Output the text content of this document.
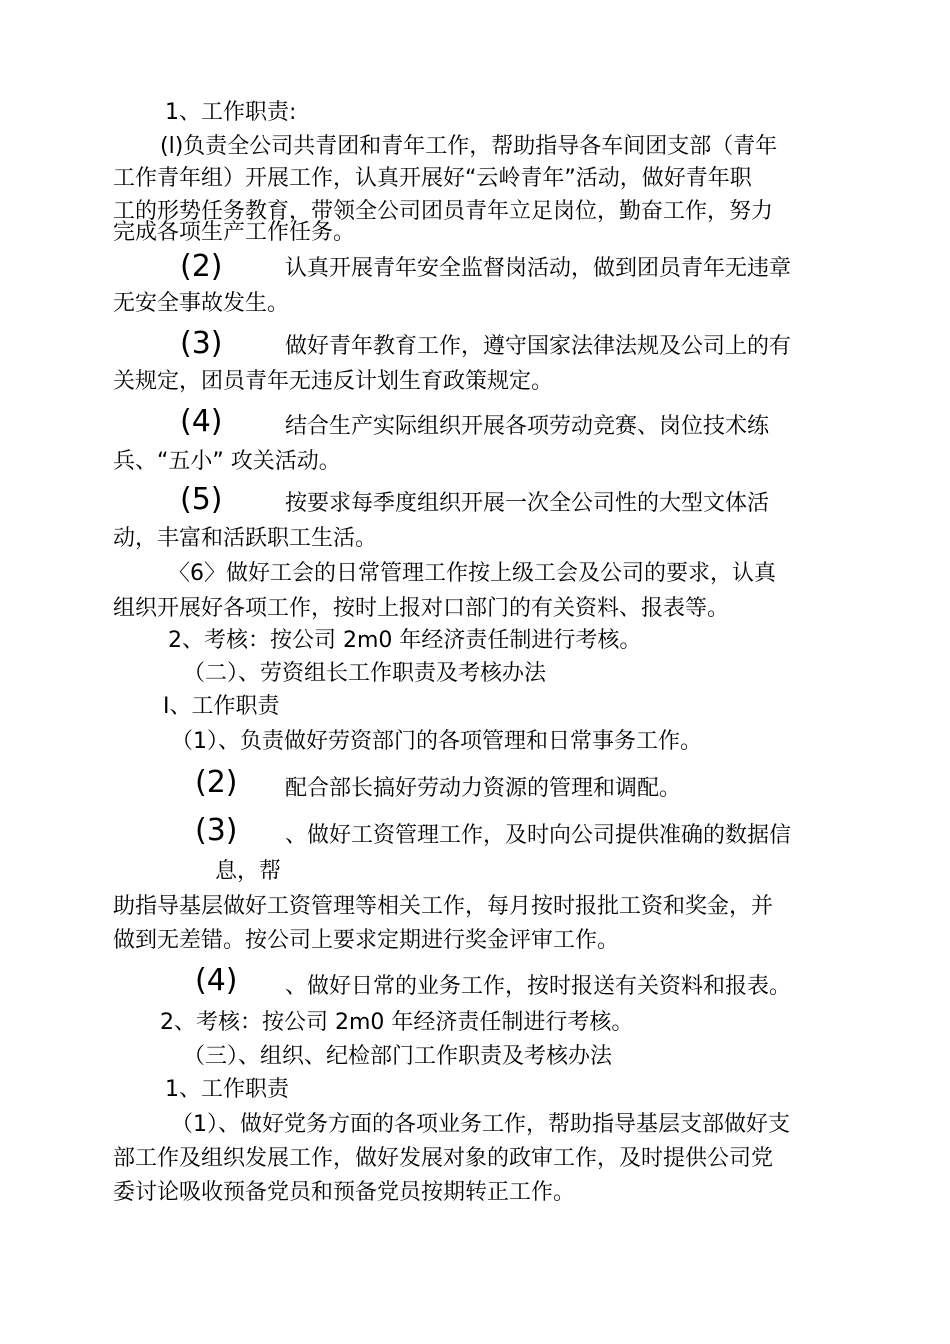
1、工作职责:
(l)负责全公司共青团和青年工作，帮助指导各车间团支部（青年
工作青年组）开展工作，认真开展好“云岭青年”活动，做好青年职
工的形势任务教育，带领全公司团员青年立足岗位，勤奋工作，努力
完成各项生产工作任务。
(2)	认真开展青年安全监督岗活动，做到团员青年无违章
无安全事故发生。
(3)	做好青年教育工作，遵守国家法律法规及公司上的有
关规定，团员青年无违反计划生育政策规定。
(4)	结合生产实际组织开展各项劳动竞赛、岗位技术练
兵、“五小” 攻关活动。
(5)	按要求每季度组织开展一次全公司性的大型文体活
动，丰富和活跃职工生活。
〈6〉做好工会的日常管理工作按上级工会及公司的要求，认真
组织开展好各项工作，按时上报对口部门的有关资料、报表等。
2、考核：按公司 2m0 年经济责任制进行考核。
（二）、劳资组长工作职责及考核办法
I、工作职责
（1）、负责做好劳资部门的各项管理和日常事务工作。
(2) 配合部长搞好劳动力资源的管理和调配。
(3) 、做好工资管理工作，及时向公司提供准确的数据信
息，帮
助指导基层做好工资管理等相关工作，每月按时报批工资和奖金，并
做到无差错。按公司上要求定期进行奖金评审工作。
(4) 、做好日常的业务工作，按时报送有关资料和报表。
2、考核：按公司 2m0 年经济责任制进行考核。
（三）、组织、纪检部门工作职责及考核办法
1、工作职责
（1）、做好党务方面的各项业务工作，帮助指导基层支部做好支
部工作及组织发展工作，做好发展对象的政审工作，及时提供公司党
委讨论吸收预备党员和预备党员按期转正工作。
